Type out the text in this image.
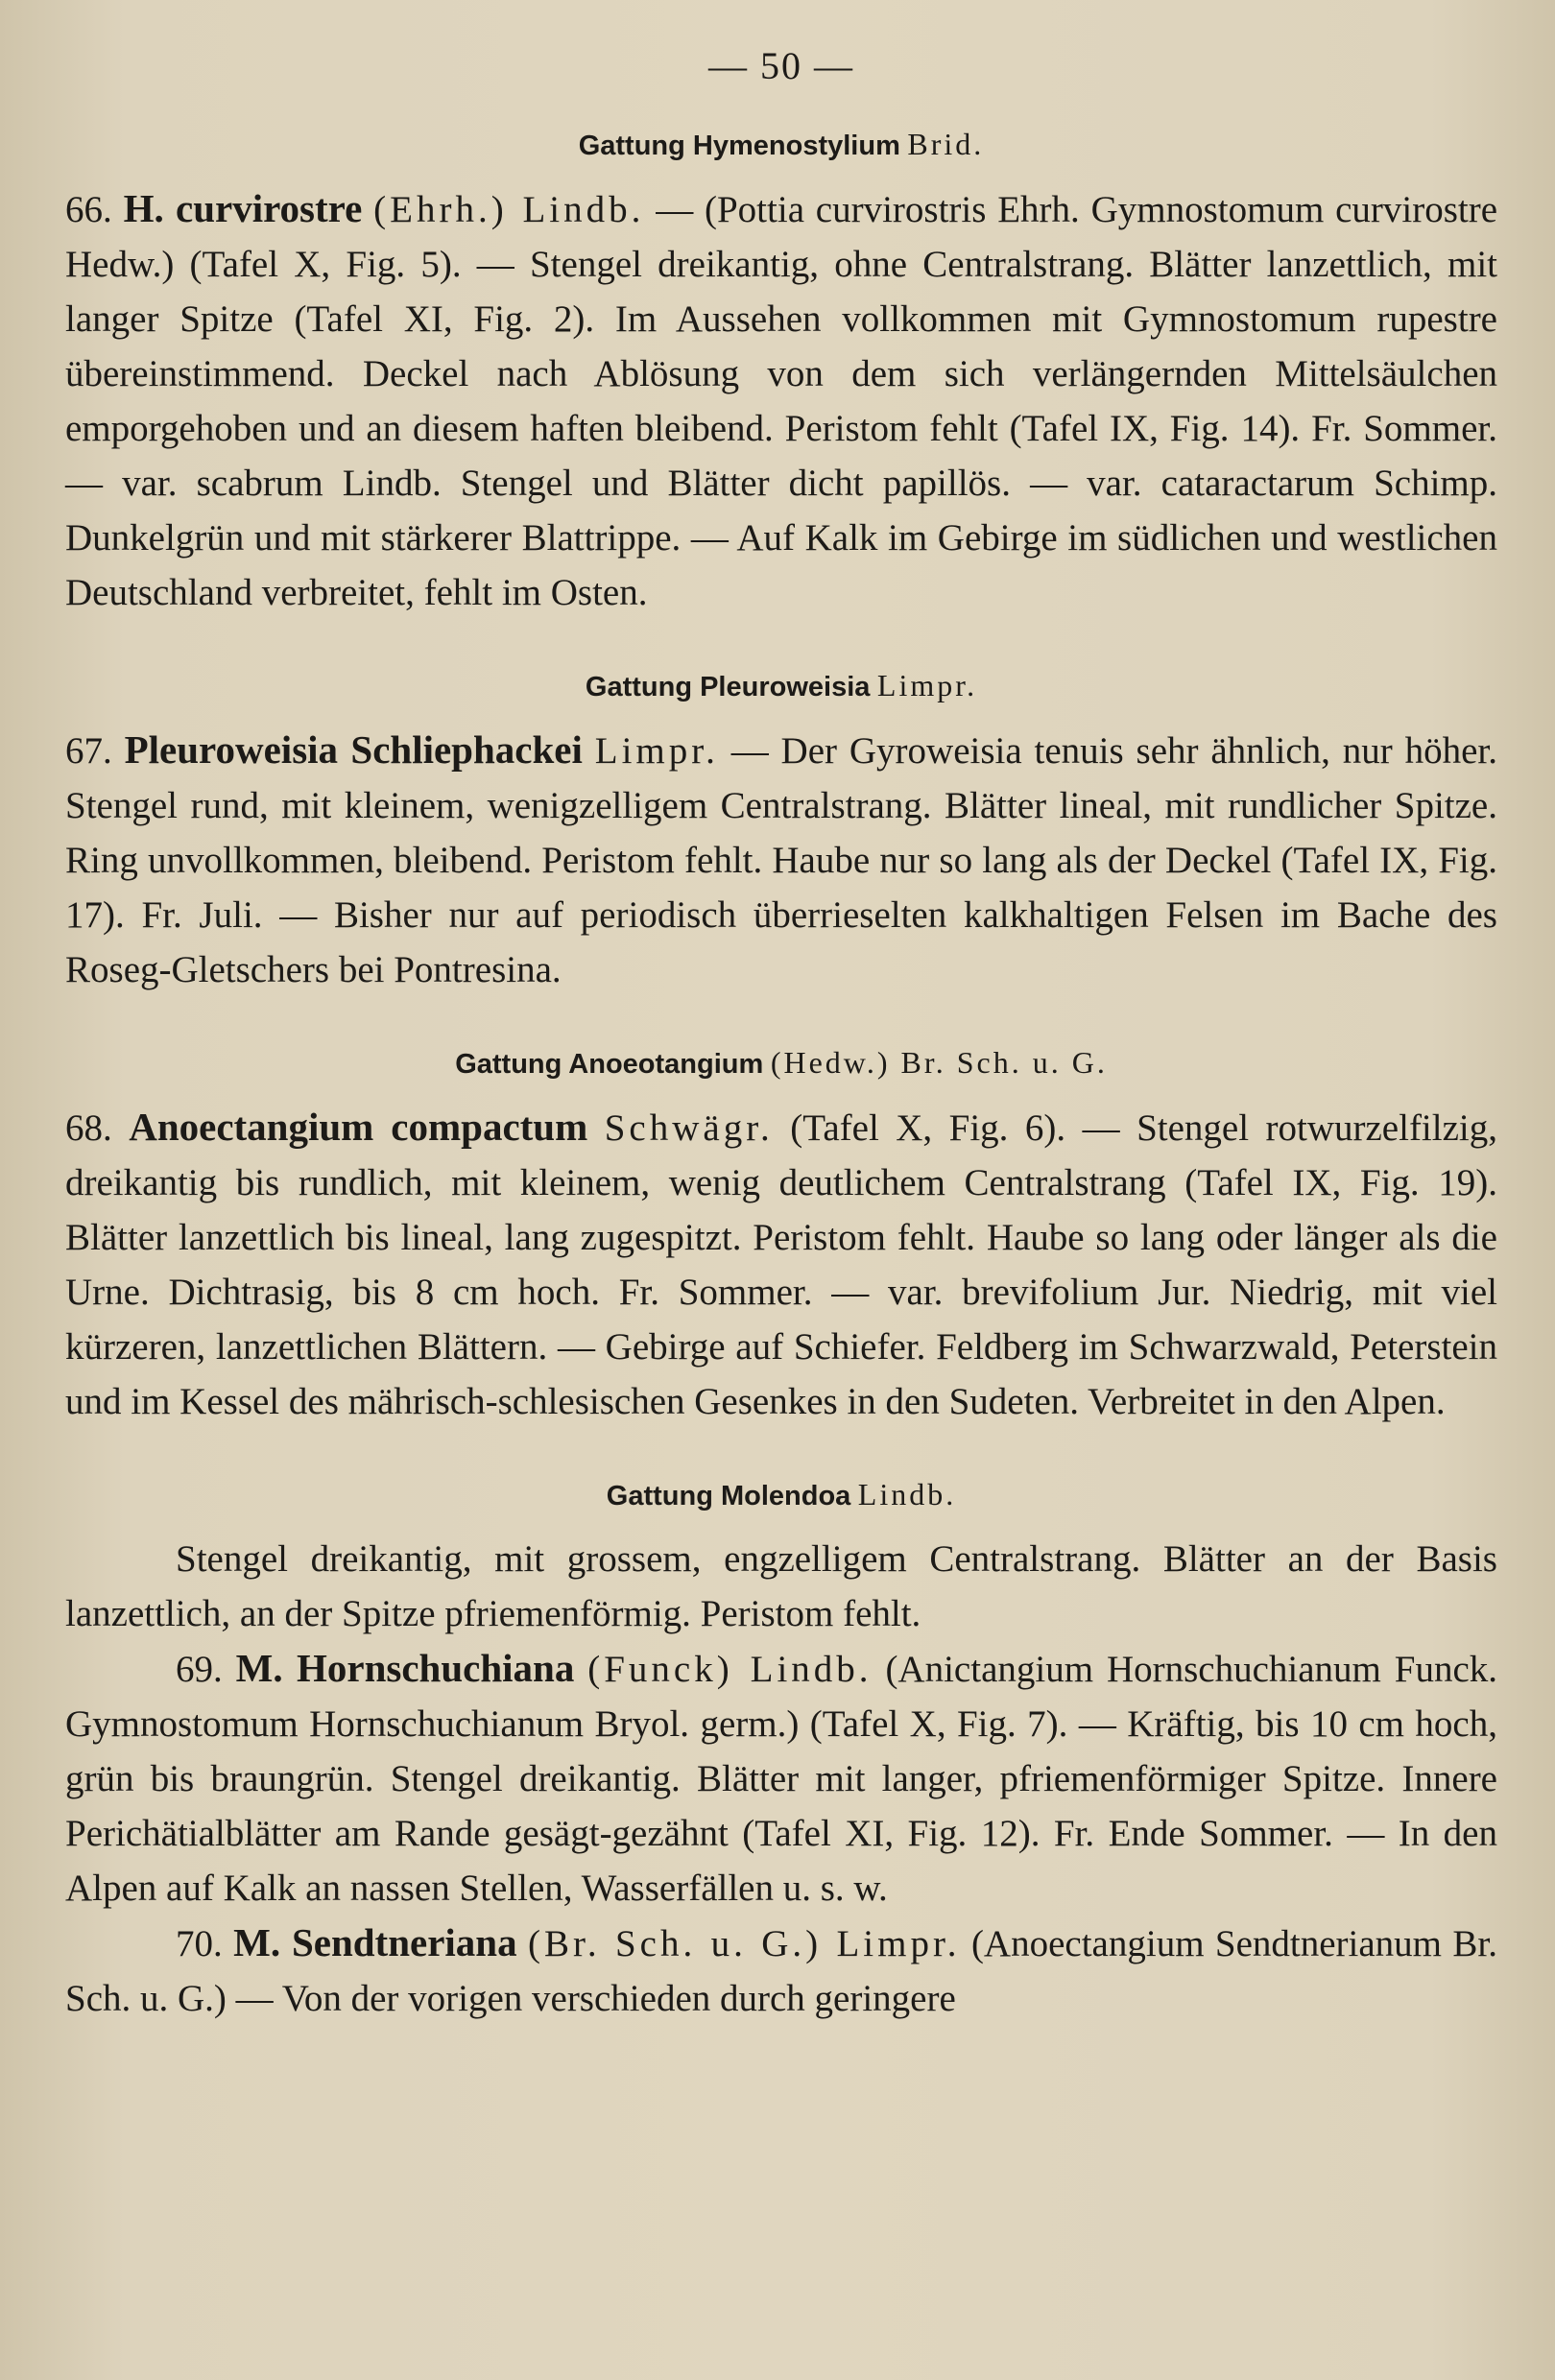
— 50 —
Gattung Hymenostylium Brid.

66. H. curvirostre (Ehrh.) Lindb. — (Pottia curvirostris Ehrh. Gymnostomum curvirostre Hedw.) (Tafel X, Fig. 5). — Stengel dreikantig, ohne Centralstrang. Blätter lanzettlich, mit langer Spitze (Tafel XI, Fig. 2). Im Aussehen vollkommen mit Gymnostomum rupestre übereinstimmend. Deckel nach Ablösung von dem sich verlängernden Mittelsäulchen emporgehoben und an diesem haften bleibend. Peristom fehlt (Tafel IX, Fig. 14). Fr. Sommer. — var. scabrum Lindb. Stengel und Blätter dicht papillös. — var. cataractarum Schimp. Dunkelgrün und mit stärkerer Blattrippe. — Auf Kalk im Gebirge im südlichen und westlichen Deutschland verbreitet, fehlt im Osten.

Gattung Pleuroweisia Limpr.

67. Pleuroweisia Schliephackei Limpr. — Der Gyroweisia tenuis sehr ähnlich, nur höher. Stengel rund, mit kleinem, wenigzelligem Centralstrang. Blätter lineal, mit rundlicher Spitze. Ring unvollkommen, bleibend. Peristom fehlt. Haube nur so lang als der Deckel (Tafel IX, Fig. 17). Fr. Juli. — Bisher nur auf periodisch überrieselten kalkhaltigen Felsen im Bache des Roseg-Gletschers bei Pontresina.

Gattung Anoeotangium (Hedw.) Br. Sch. u. G.

68. Anoectangium compactum Schwägr. (Tafel X, Fig. 6). — Stengel rotwurzelfilzig, dreikantig bis rundlich, mit kleinem, wenig deutlichem Centralstrang (Tafel IX, Fig. 19). Blätter lanzettlich bis lineal, lang zugespitzt. Peristom fehlt. Haube so lang oder länger als die Urne. Dichtrasig, bis 8 cm hoch. Fr. Sommer. — var. brevifolium Jur. Niedrig, mit viel kürzeren, lanzettlichen Blättern. — Gebirge auf Schiefer. Feldberg im Schwarzwald, Peterstein und im Kessel des mährisch-schlesischen Gesenkes in den Sudeten. Verbreitet in den Alpen.

Gattung Molendoa Lindb.

Stengel dreikantig, mit grossem, engzelligem Centralstrang. Blätter an der Basis lanzettlich, an der Spitze pfriemenförmig. Peristom fehlt.

69. M. Hornschuchiana (Funck) Lindb. (Anictangium Hornschuchianum Funck. Gymnostomum Hornschuchianum Bryol. germ.) (Tafel X, Fig. 7). — Kräftig, bis 10 cm hoch, grün bis braungrün. Stengel dreikantig. Blätter mit langer, pfriemenförmiger Spitze. Innere Perichätialblätter am Rande gesägt-gezähnt (Tafel XI, Fig. 12). Fr. Ende Sommer. — In den Alpen auf Kalk an nassen Stellen, Wasserfällen u. s. w.

70. M. Sendtneriana (Br. Sch. u. G.) Limpr. (Anoectangium Sendtnerianum Br. Sch. u. G.) — Von der vorigen verschieden durch geringere
